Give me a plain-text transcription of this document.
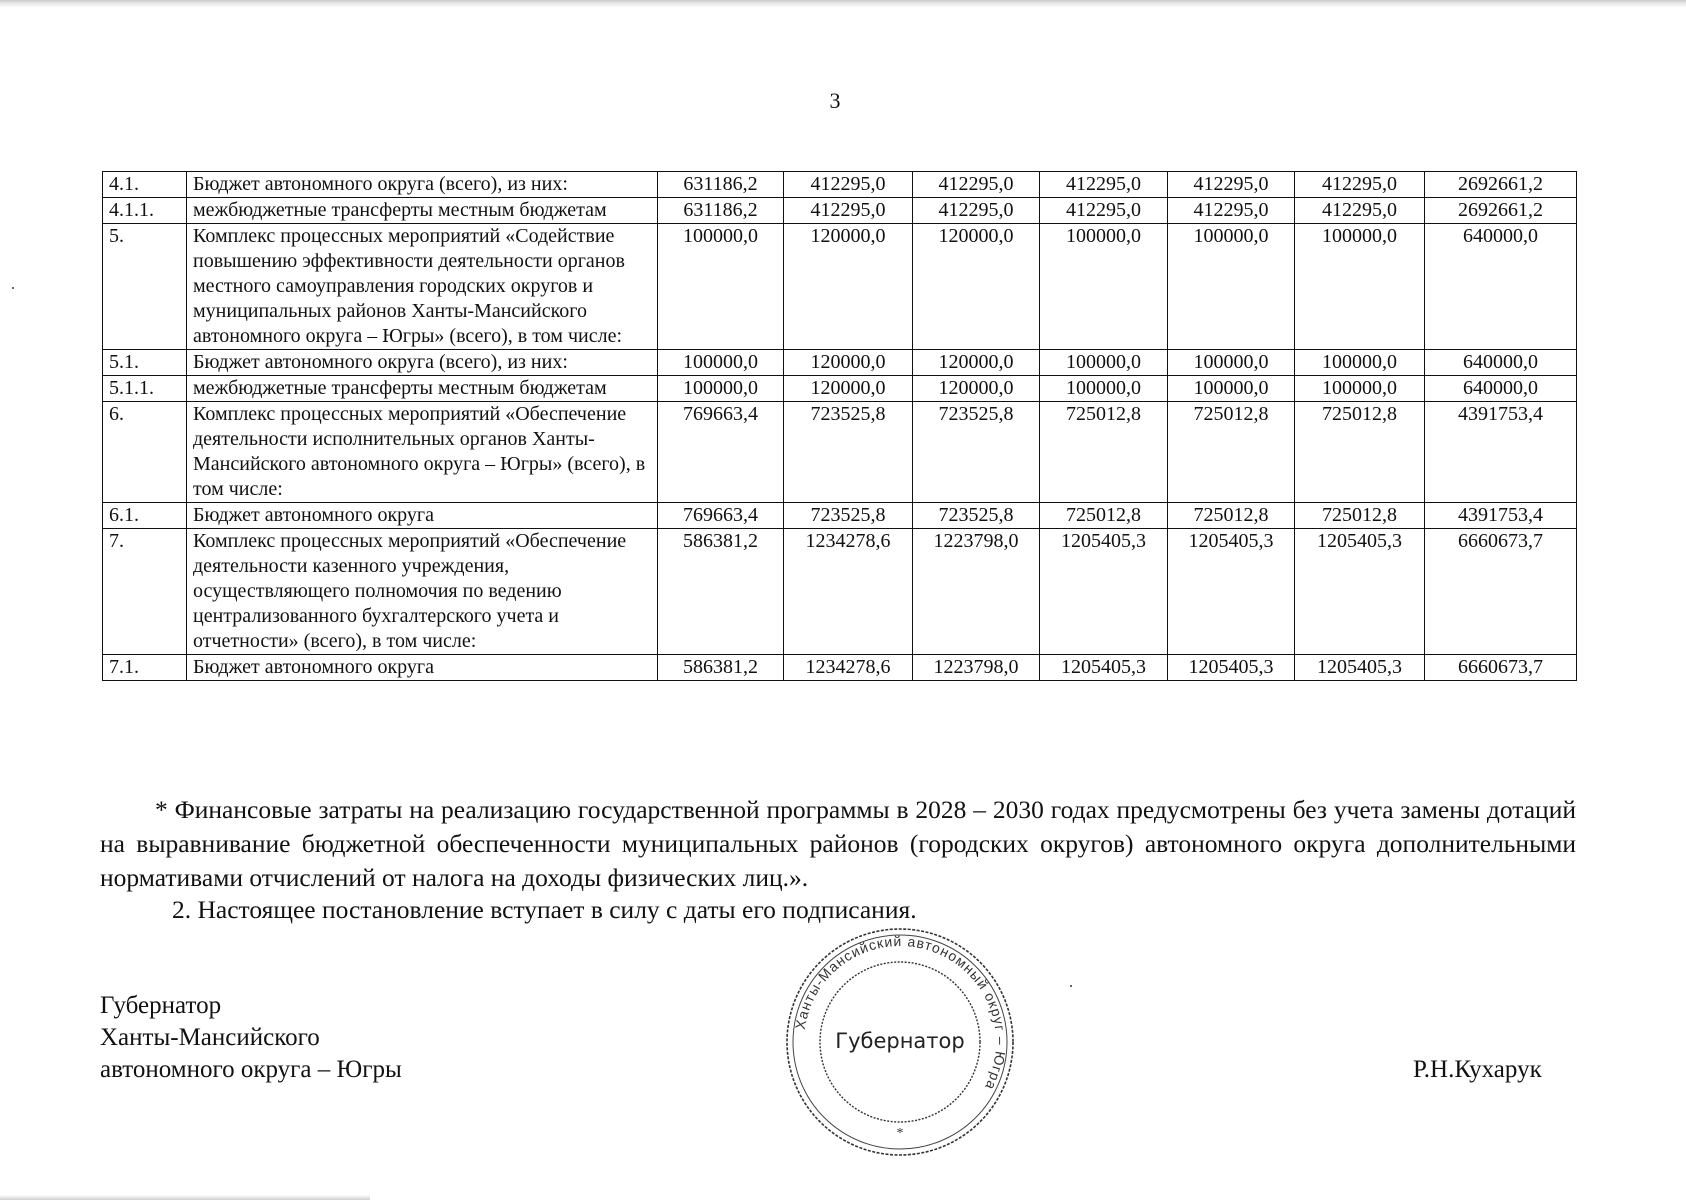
3
4.1.	Бюджет автономного округа (всего), из них:	631186,2	412295,0	412295,0	412295,0	412295,0	412295,0	2692661,2
4.1.1.	межбюджетные трансферты местным бюджетам	631186,2	412295,0	412295,0	412295,0	412295,0	412295,0	2692661,2
5.	Комплекс процессных мероприятий «Содействие повышению эффективности деятельности органов местного самоуправления городских округов и муниципальных районов Ханты-Мансийского автономного округа – Югры» (всего), в том числе:	100000,0	120000,0	120000,0	100000,0	100000,0	100000,0	640000,0
5.1.	Бюджет автономного округа (всего), из них:	100000,0	120000,0	120000,0	100000,0	100000,0	100000,0	640000,0
5.1.1.	межбюджетные трансферты местным бюджетам	100000,0	120000,0	120000,0	100000,0	100000,0	100000,0	640000,0
6.	Комплекс процессных мероприятий «Обеспечение деятельности исполнительных органов Ханты-Мансийского автономного округа – Югры» (всего), в том числе:	769663,4	723525,8	723525,8	725012,8	725012,8	725012,8	4391753,4
6.1.	Бюджет автономного округа	769663,4	723525,8	723525,8	725012,8	725012,8	725012,8	4391753,4
7.	Комплекс процессных мероприятий «Обеспечение деятельности казенного учреждения, осуществляющего полномочия по ведению централизованного бухгалтерского учета и отчетности» (всего), в том числе:	586381,2	1234278,6	1223798,0	1205405,3	1205405,3	1205405,3	6660673,7
7.1.	Бюджет автономного округа	586381,2	1234278,6	1223798,0	1205405,3	1205405,3	1205405,3	6660673,7

* Финансовые затраты на реализацию государственной программы в 2028 – 2030 годах предусмотрены без учета замены дотаций на выравнивание бюджетной обеспеченности муниципальных районов (городских округов) автономного округа дополнительными нормативами отчислений от налога на доходы физических лиц.».

2. Настоящее постановление вступает в силу с даты его подписания.
Губернатор
Ханты-Мансийского
автономного округа – Югры	Р.Н.Кухарук
Ханты-Мансийский автономный округ – Югра
Губернатор
*
